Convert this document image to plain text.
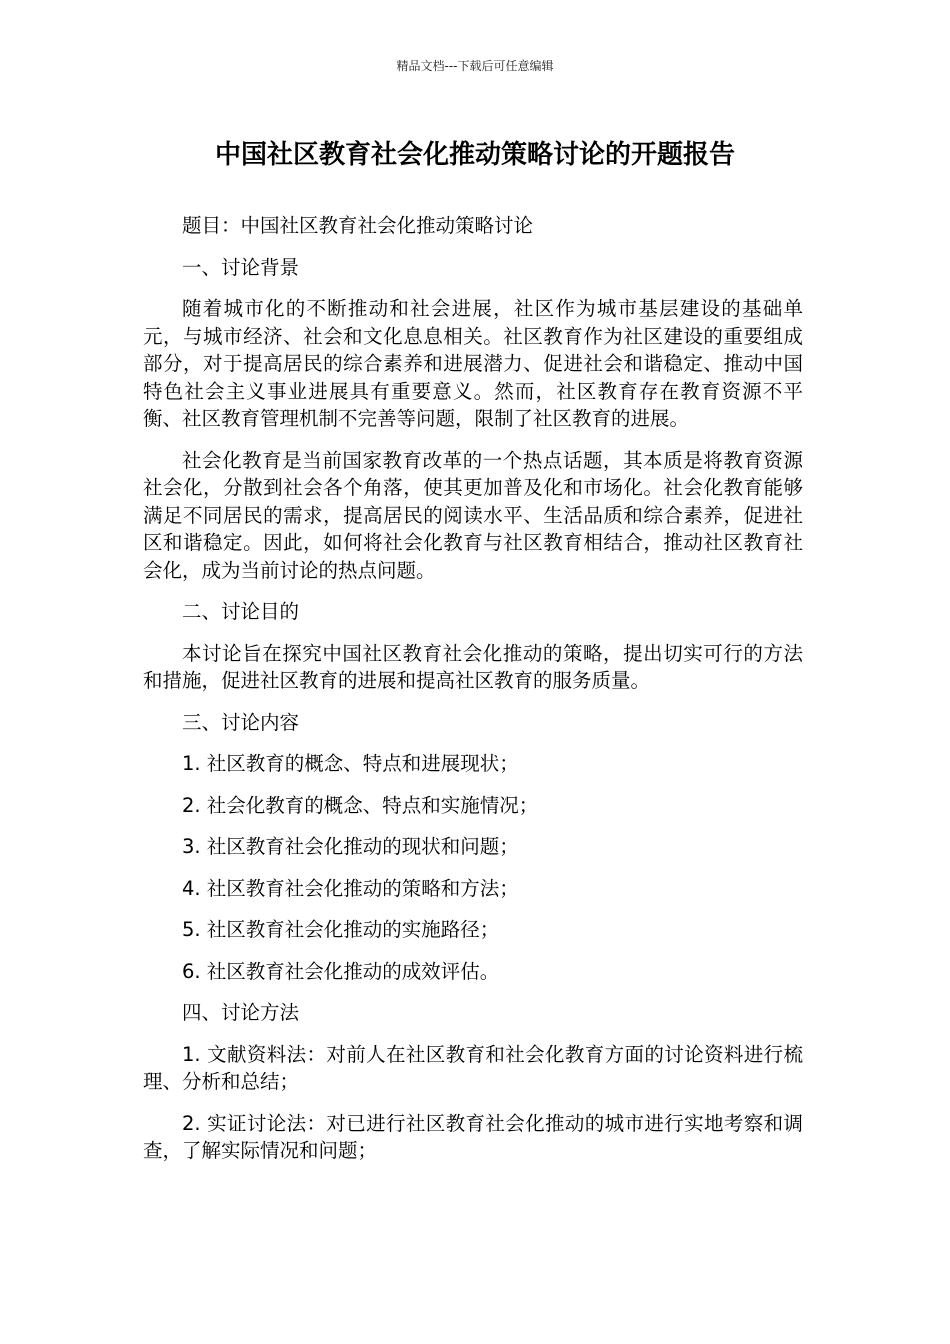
精品文档---下载后可任意编辑
中国社区教育社会化推动策略讨论的开题报告

题目：中国社区教育社会化推动策略讨论

一、讨论背景

随着城市化的不断推动和社会进展，社区作为城市基层建设的基础单元，与城市经济、社会和文化息息相关。社区教育作为社区建设的重要组成部分，对于提高居民的综合素养和进展潜力、促进社会和谐稳定、推动中国特色社会主义事业进展具有重要意义。然而，社区教育存在教育资源不平衡、社区教育管理机制不完善等问题，限制了社区教育的进展。

社会化教育是当前国家教育改革的一个热点话题，其本质是将教育资源社会化，分散到社会各个角落，使其更加普及化和市场化。社会化教育能够满足不同居民的需求，提高居民的阅读水平、生活品质和综合素养，促进社区和谐稳定。因此，如何将社会化教育与社区教育相结合，推动社区教育社会化，成为当前讨论的热点问题。

二、讨论目的

本讨论旨在探究中国社区教育社会化推动的策略，提出切实可行的方法和措施，促进社区教育的进展和提高社区教育的服务质量。

三、讨论内容

1. 社区教育的概念、特点和进展现状；

2. 社会化教育的概念、特点和实施情况；

3. 社区教育社会化推动的现状和问题；

4. 社区教育社会化推动的策略和方法；

5. 社区教育社会化推动的实施路径；

6. 社区教育社会化推动的成效评估。

四、讨论方法

1. 文献资料法：对前人在社区教育和社会化教育方面的讨论资料进行梳理、分析和总结；

2. 实证讨论法：对已进行社区教育社会化推动的城市进行实地考察和调查，了解实际情况和问题；
